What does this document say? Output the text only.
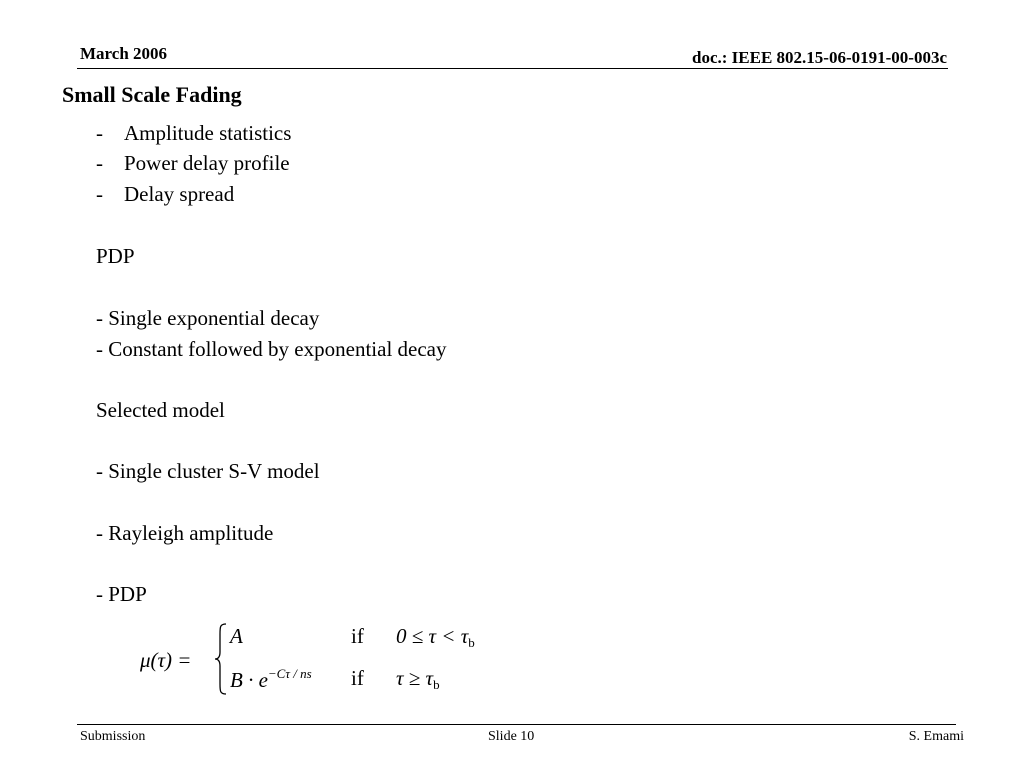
March 2006	doc.: IEEE 802.15-06-0191-00-003c
Small Scale Fading
- Amplitude statistics
- Power delay profile
- Delay spread
PDP
- Single exponential decay
- Constant followed by exponential decay
Selected model
- Single cluster S-V model
- Rayleigh amplitude
- PDP
μ(τ) =
A	if $0 \le \tau < \tau_b$
$B \cdot e^{-C\tau / ns}$ if $\tau \ge \tau_b$
Submission	Slide 10	S. Emami
